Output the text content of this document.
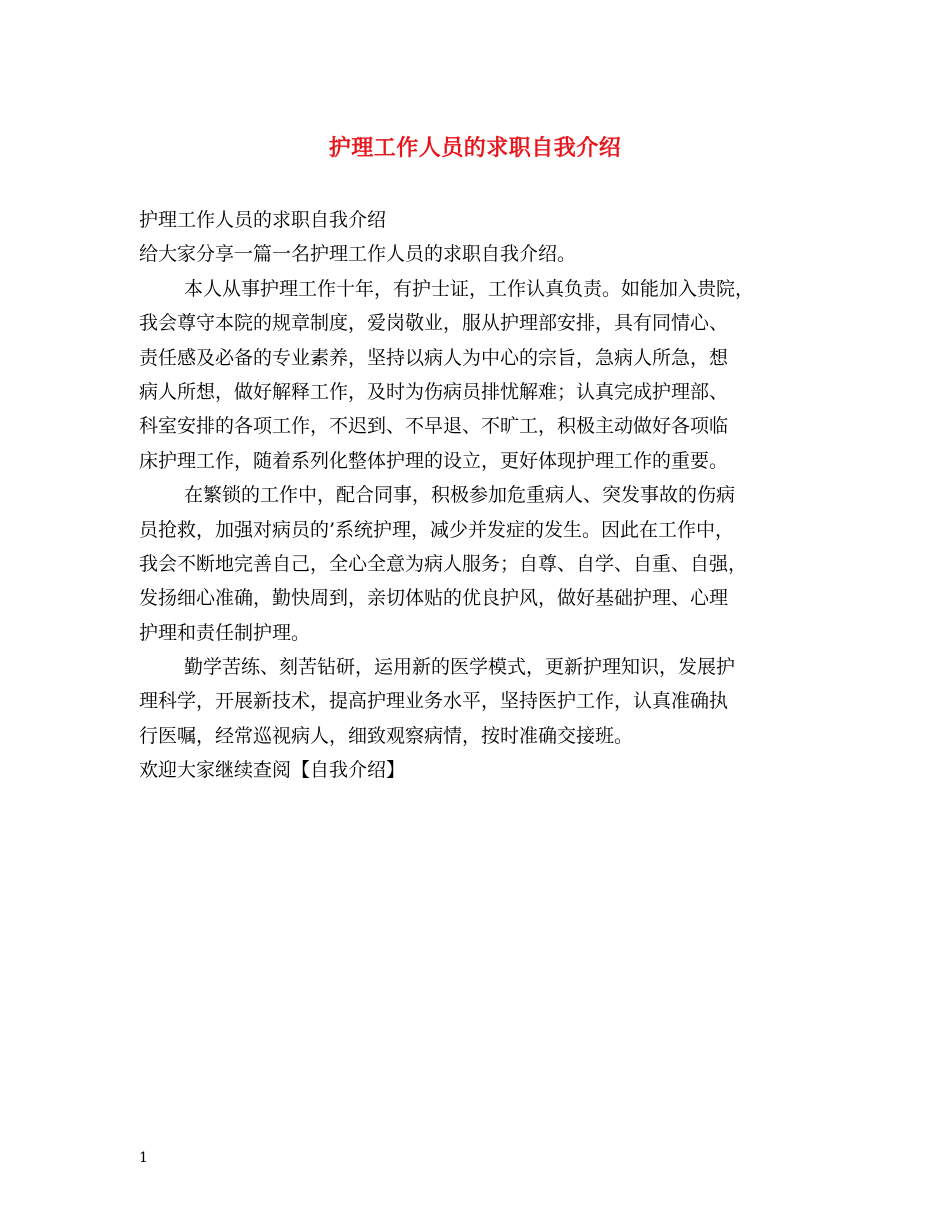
护理工作人员的求职自我介绍
护理工作人员的求职自我介绍
给大家分享一篇一名护理工作人员的求职自我介绍。
本人从事护理工作十年，有护士证，工作认真负责。如能加入贵院，
我会尊守本院的规章制度，爱岗敬业，服从护理部安排，具有同情心、
责任感及必备的专业素养，坚持以病人为中心的宗旨，急病人所急，想
病人所想，做好解释工作，及时为伤病员排忧解难；认真完成护理部、
科室安排的各项工作，不迟到、不早退、不旷工，积极主动做好各项临
床护理工作，随着系列化整体护理的设立，更好体现护理工作的重要。
在繁锁的工作中，配合同事，积极参加危重病人、突发事故的伤病
员抢救，加强对病员的’系统护理，减少并发症的发生。因此在工作中，
我会不断地完善自己，全心全意为病人服务；自尊、自学、自重、自强，
发扬细心准确，勤快周到，亲切体贴的优良护风，做好基础护理、心理
护理和责任制护理。
勤学苦练、刻苦钻研，运用新的医学模式，更新护理知识，发展护
理科学，开展新技术，提高护理业务水平，坚持医护工作，认真准确执
行医嘱，经常巡视病人，细致观察病情，按时准确交接班。
欢迎大家继续查阅【自我介绍】
1
